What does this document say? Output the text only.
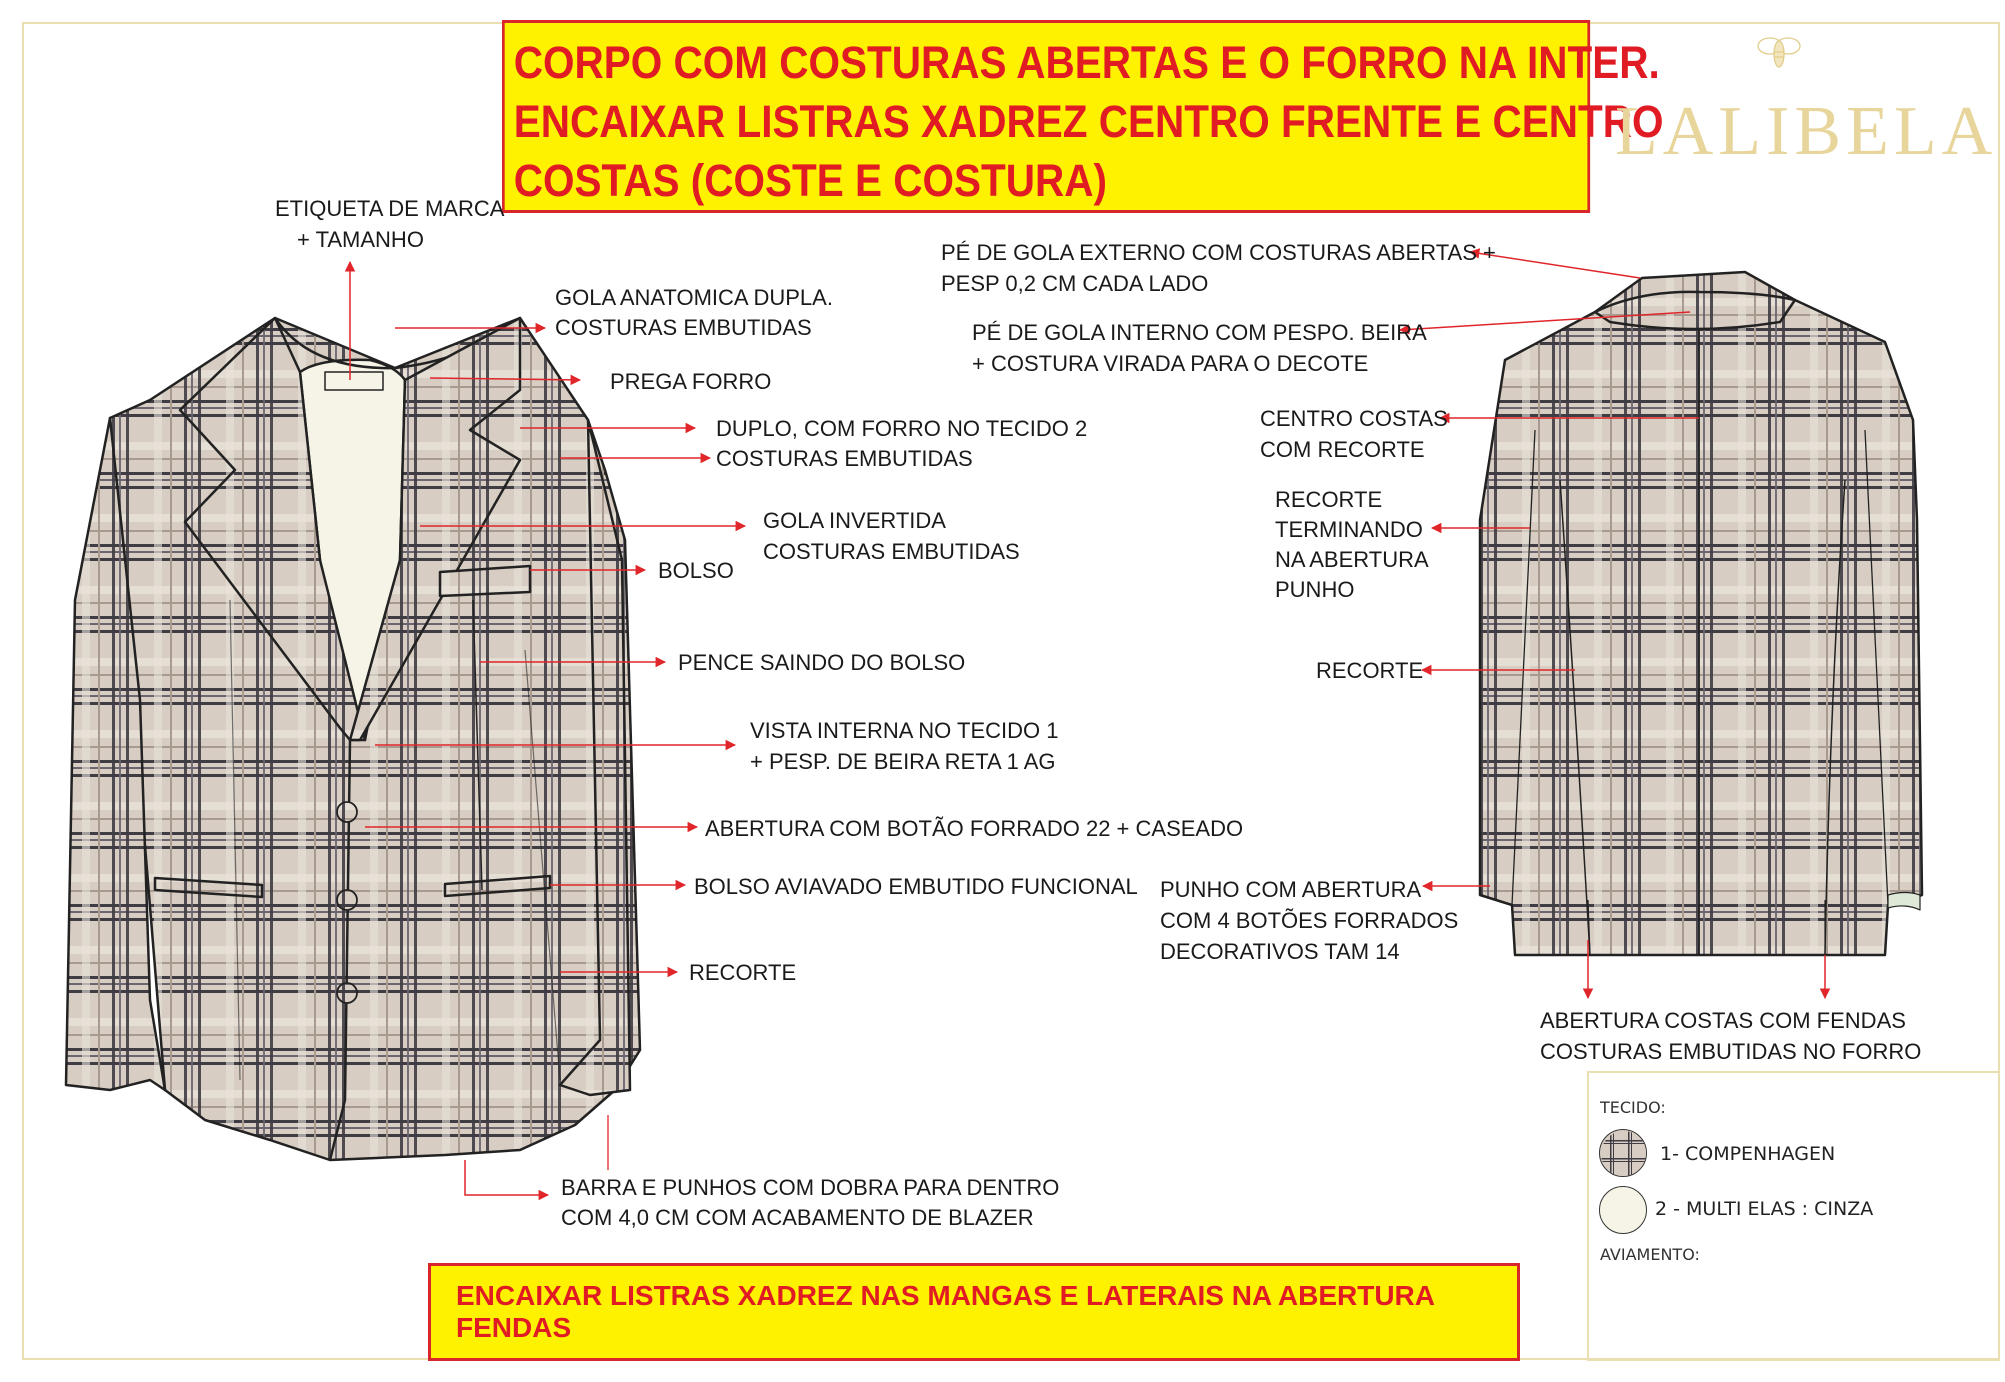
CORPO COM COSTURAS ABERTAS E O FORRO NA INTER.
ENCAIXAR LISTRAS XADREZ CENTRO FRENTE E CENTRO
COSTAS (COSTE E COSTURA)
LALIBELA
ETIQUETA DE MARCA
+ TAMANHO
GOLA ANATOMICA DUPLA.
COSTURAS EMBUTIDAS
PREGA FORRO
DUPLO, COM FORRO NO TECIDO 2
COSTURAS EMBUTIDAS
GOLA INVERTIDA
COSTURAS EMBUTIDAS
BOLSO
PENCE SAINDO DO BOLSO
VISTA INTERNA NO TECIDO 1
+ PESP. DE BEIRA RETA 1 AG
ABERTURA COM BOTÃO FORRADO 22 + CASEADO
BOLSO AVIAVADO EMBUTIDO FUNCIONAL
RECORTE
BARRA E PUNHOS COM DOBRA PARA DENTRO
COM 4,0 CM COM ACABAMENTO DE BLAZER
PÉ DE GOLA EXTERNO COM COSTURAS ABERTAS +
PESP 0,2 CM CADA LADO
PÉ DE GOLA INTERNO COM PESPO. BEIRA
+ COSTURA VIRADA PARA O DECOTE
CENTRO COSTAS
COM RECORTE
RECORTE
TERMINANDO
NA ABERTURA
PUNHO
RECORTE
PUNHO COM ABERTURA
COM 4 BOTÕES FORRADOS
DECORATIVOS TAM 14
ABERTURA COSTAS COM FENDAS
COSTURAS EMBUTIDAS NO FORRO
TECIDO:
1- COMPENHAGEN
2 - MULTI ELAS : CINZA
AVIAMENTO:
ENCAIXAR LISTRAS XADREZ NAS MANGAS E LATERAIS NA ABERTURA FENDAS
